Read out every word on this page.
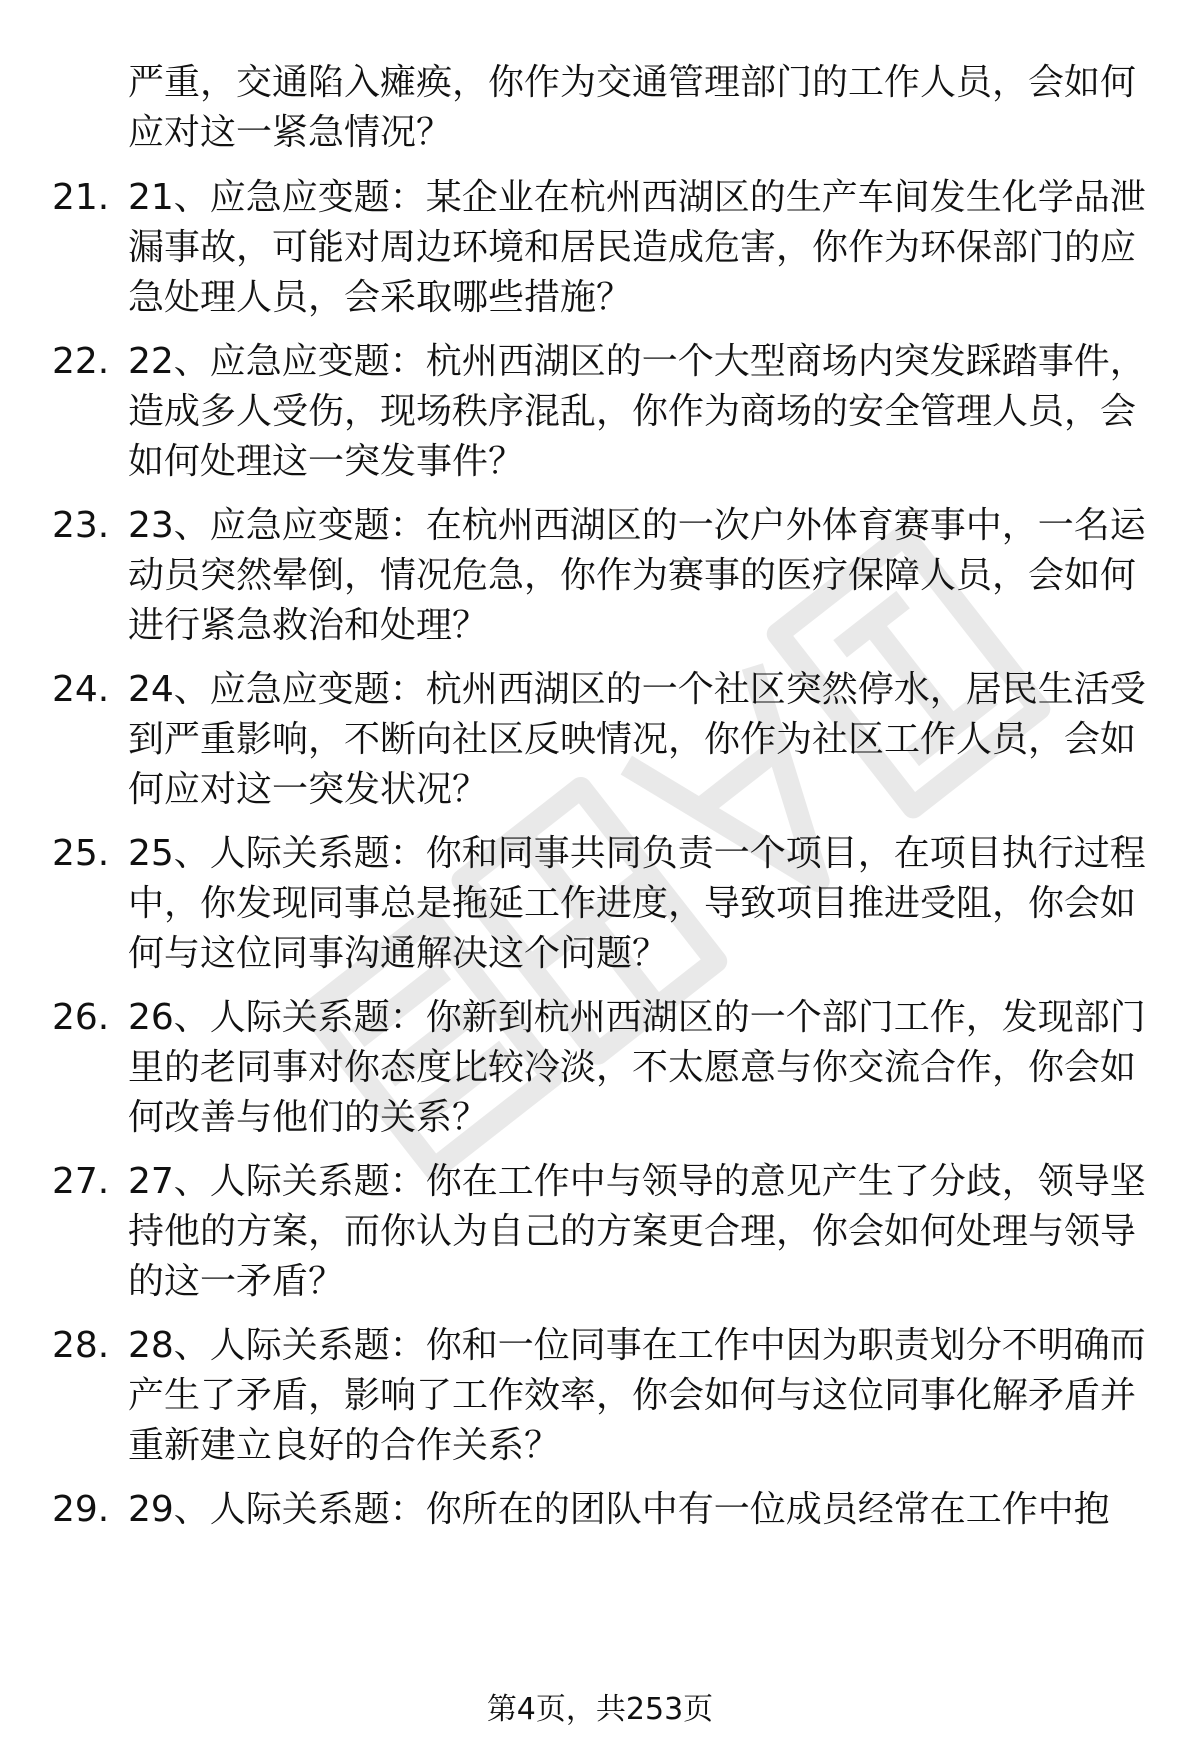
严重，交通陷入瘫痪，你作为交通管理部门的工作人员，会如何应对这一紧急情况？
21. 21、应急应变题：某企业在杭州西湖区的生产车间发生化学品泄漏事故，可能对周边环境和居民造成危害，你作为环保部门的应急处理人员，会采取哪些措施？
22. 22、应急应变题：杭州西湖区的一个大型商场内突发踩踏事件，造成多人受伤，现场秩序混乱，你作为商场的安全管理人员，会如何处理这一突发事件？
23. 23、应急应变题：在杭州西湖区的一次户外体育赛事中，一名运动员突然晕倒，情况危急，你作为赛事的医疗保障人员，会如何进行紧急救治和处理？
24. 24、应急应变题：杭州西湖区的一个社区突然停水，居民生活受到严重影响，不断向社区反映情况，你作为社区工作人员，会如何应对这一突发状况？
25. 25、人际关系题：你和同事共同负责一个项目，在项目执行过程中，你发现同事总是拖延工作进度，导致项目推进受阻，你会如何与这位同事沟通解决这个问题？
26. 26、人际关系题：你新到杭州西湖区的一个部门工作，发现部门里的老同事对你态度比较冷淡，不太愿意与你交流合作，你会如何改善与他们的关系？
27. 27、人际关系题：你在工作中与领导的意见产生了分歧，领导坚持他的方案，而你认为自己的方案更合理，你会如何处理与领导的这一矛盾？
28. 28、人际关系题：你和一位同事在工作中因为职责划分不明确而产生了矛盾，影响了工作效率，你会如何与这位同事化解矛盾并重新建立良好的合作关系？
29. 29、人际关系题：你所在的团队中有一位成员经常在工作中抱
第4页，共253页
